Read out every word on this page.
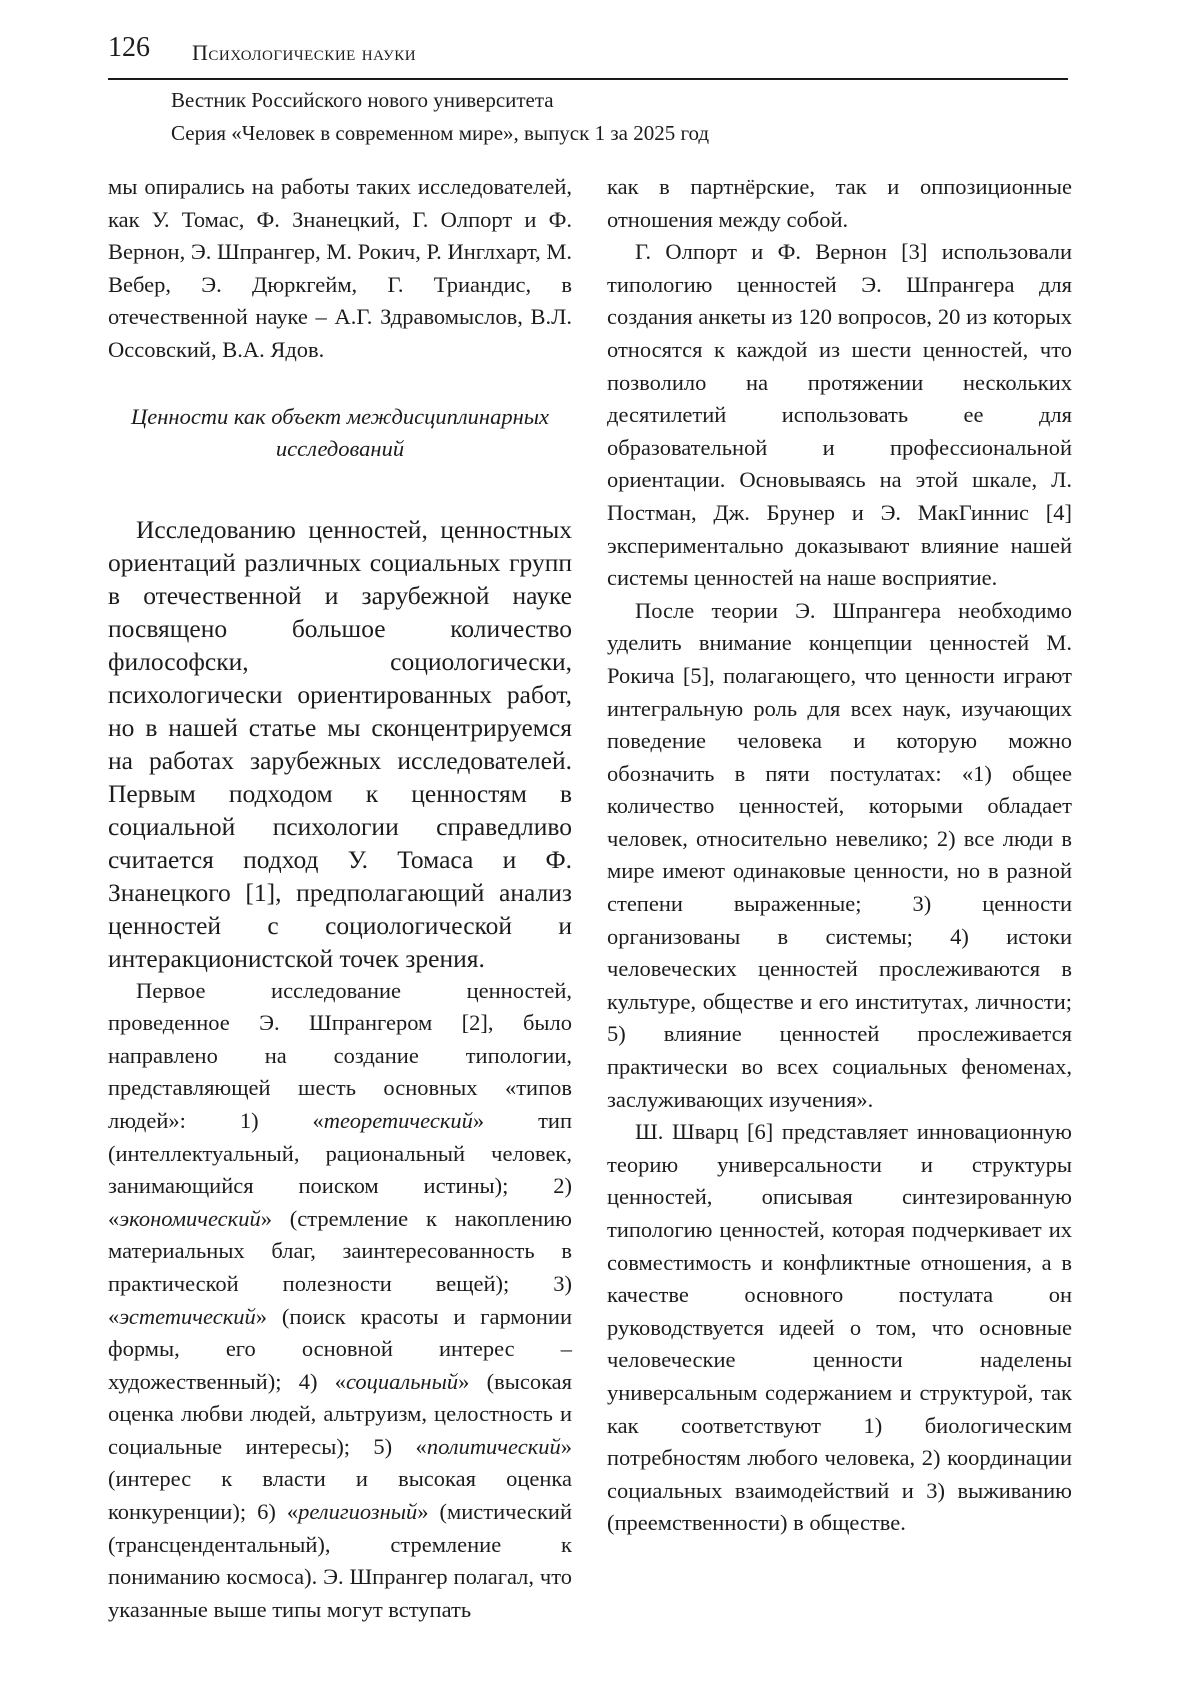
126 Психологические науки
Вестник Российского нового университета
Серия «Человек в современном мире», выпуск 1 за 2025 год

мы опирались на работы таких исследователей, как У. Томас, Ф. Знанецкий, Г. Олпорт и Ф. Вернон, Э. Шпрангер, М. Рокич, Р. Инглхарт, М. Вебер, Э. Дюркгейм, Г. Триандис, в отечественной науке – А.Г. Здравомыслов, В.Л. Оссовский, В.А. Ядов.

Ценности как объект междисциплинарных
исследований

Исследованию ценностей, ценностных ориентаций различных социальных групп в отечественной и зарубежной науке посвящено большое количество философски, социологически, психологически ориентированных работ, но в нашей статье мы сконцентрируемся на работах зарубежных исследователей. Первым подходом к ценностям в социальной психологии справедливо считается подход У. Томаса и Ф. Знанецкого [1], предполагающий анализ ценностей с социологической и интеракционистской точек зрения.

Первое исследование ценностей, проведенное Э. Шпрангером [2], было направлено на создание типологии, представляющей шесть основных «типов людей»: 1) «теоретический» тип (интеллектуальный, рациональный человек, занимающийся поиском истины); 2) «экономический» (стремление к накоплению материальных благ, заинтересованность в практической полезности вещей); 3) «эстетический» (поиск красоты и гармонии формы, его основной интерес – художественный); 4) «социальный» (высокая оценка любви людей, альтруизм, целостность и социальные интересы); 5) «политический» (интерес к власти и высокая оценка конкуренции); 6) «религиозный» (мистический (трансцендентальный), стремление к пониманию космоса). Э. Шпрангер полагал, что указанные выше типы могут вступать

как в партнёрские, так и оппозиционные отношения между собой.

Г. Олпорт и Ф. Вернон [3] использовали типологию ценностей Э. Шпрангера для создания анкеты из 120 вопросов, 20 из которых относятся к каждой из шести ценностей, что позволило на протяжении нескольких десятилетий использовать ее для образовательной и профессиональной ориентации. Основываясь на этой шкале, Л. Постман, Дж. Брунер и Э. МакГиннис [4] экспериментально доказывают влияние нашей системы ценностей на наше восприятие.

После теории Э. Шпрангера необходимо уделить внимание концепции ценностей М. Рокича [5], полагающего, что ценности играют интегральную роль для всех наук, изучающих поведение человека и которую можно обозначить в пяти постулатах: «1) общее количество ценностей, которыми обладает человек, относительно невелико; 2) все люди в мире имеют одинаковые ценности, но в разной степени выраженные; 3) ценности организованы в системы; 4) истоки человеческих ценностей прослеживаются в культуре, обществе и его институтах, личности; 5) влияние ценностей прослеживается практически во всех социальных феноменах, заслуживающих изучения».

Ш. Шварц [6] представляет инновационную теорию универсальности и структуры ценностей, описывая синтезированную типологию ценностей, которая подчеркивает их совместимость и конфликтные отношения, а в качестве основного постулата он руководствуется идеей о том, что основные человеческие ценности наделены универсальным содержанием и структурой, так как соответствуют 1) биологическим потребностям любого человека, 2) координации социальных взаимодействий и 3) выживанию (преемственности) в обществе.
